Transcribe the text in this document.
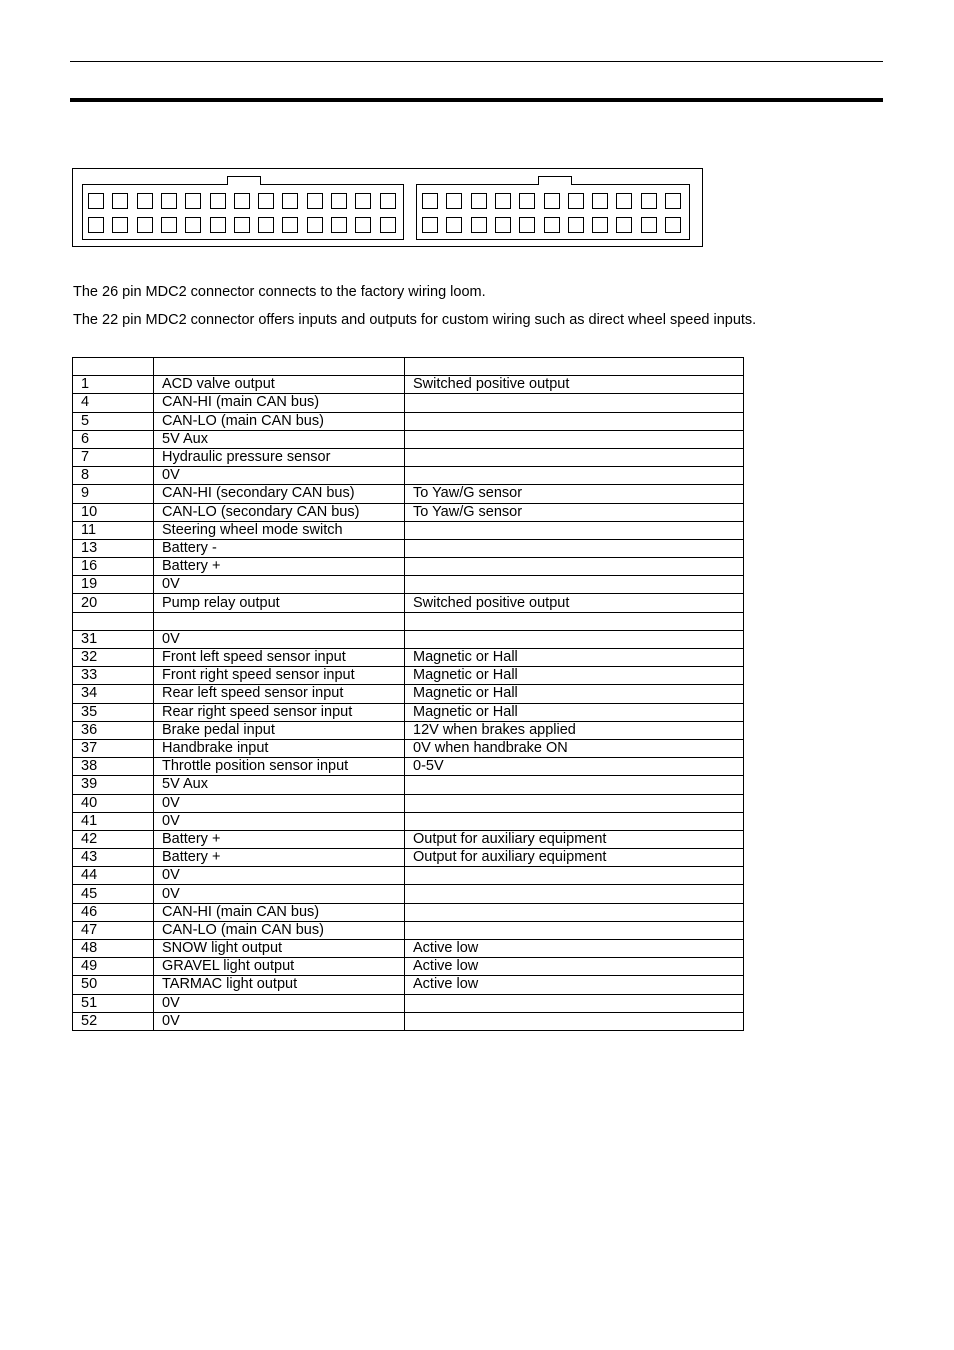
The 26 pin MDC2 connector connects to the factory wiring loom.
The 22 pin MDC2 connector offers inputs and outputs for custom wiring such as direct wheel speed inputs.

1	ACD valve output	Switched positive output
4	CAN-HI (main CAN bus)	
5	CAN-LO (main CAN bus)	
6	5V Aux	
7	Hydraulic pressure sensor	
8	0V	
9	CAN-HI (secondary CAN bus)	To Yaw/G sensor
10	CAN-LO (secondary CAN bus)	To Yaw/G sensor
11	Steering wheel mode switch	
13	Battery -	
16	Battery +	
19	0V	
20	Pump relay output	Switched positive output

31	0V	
32	Front left speed sensor input	Magnetic or Hall
33	Front right speed sensor input	Magnetic or Hall
34	Rear left speed sensor input	Magnetic or Hall
35	Rear right speed sensor input	Magnetic or Hall
36	Brake pedal input	12V when brakes applied
37	Handbrake input	0V when handbrake ON
38	Throttle position sensor input	0-5V
39	5V Aux	
40	0V	
41	0V	
42	Battery +	Output for auxiliary equipment
43	Battery +	Output for auxiliary equipment
44	0V	
45	0V	
46	CAN-HI (main CAN bus)	
47	CAN-LO (main CAN bus)	
48	SNOW light output	Active low
49	GRAVEL light output	Active low
50	TARMAC light output	Active low
51	0V	
52	0V	
